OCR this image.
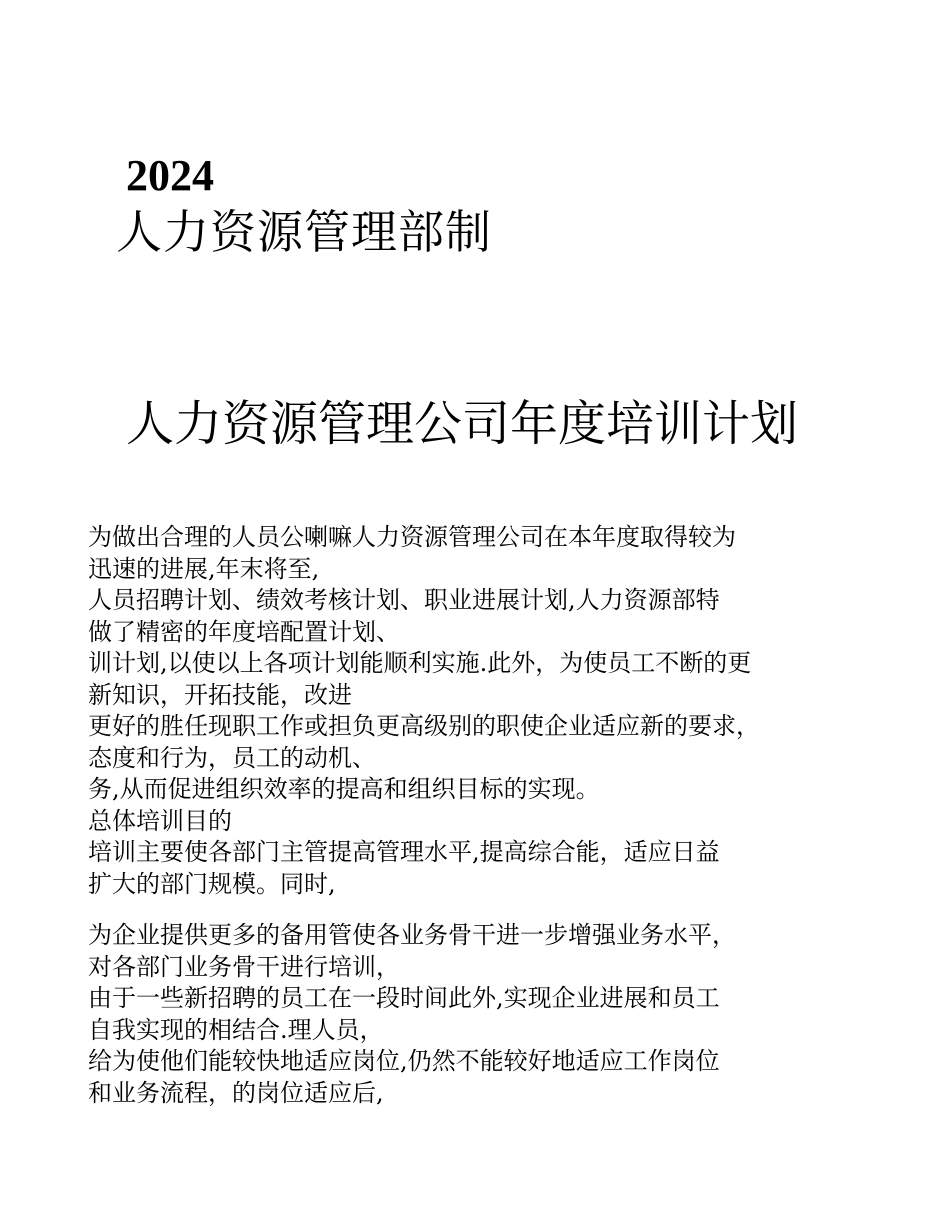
2024
人力资源管理部制
人力资源管理公司年度培训计划
为做出合理的人员公喇嘛人力资源管理公司在本年度取得较为
迅速的进展,年末将至,
人员招聘计划、绩效考核计划、职业进展计划,人力资源部特
做了精密的年度培配置计划、
训计划,以使以上各项计划能顺利实施.此外，为使员工不断的更
新知识，开拓技能，改进
更好的胜任现职工作或担负更高级别的职使企业适应新的要求，
态度和行为，员工的动机、
务,从而促进组织效率的提高和组织目标的实现。
总体培训目的
培训主要使各部门主管提高管理水平,提高综合能，适应日益
扩大的部门规模。同时,
为企业提供更多的备用管使各业务骨干进一步增强业务水平，
对各部门业务骨干进行培训，
由于一些新招聘的员工在一段时间此外,实现企业进展和员工
自我实现的相结合.理人员，
给为使他们能较快地适应岗位,仍然不能较好地适应工作岗位
和业务流程，的岗位适应后,
